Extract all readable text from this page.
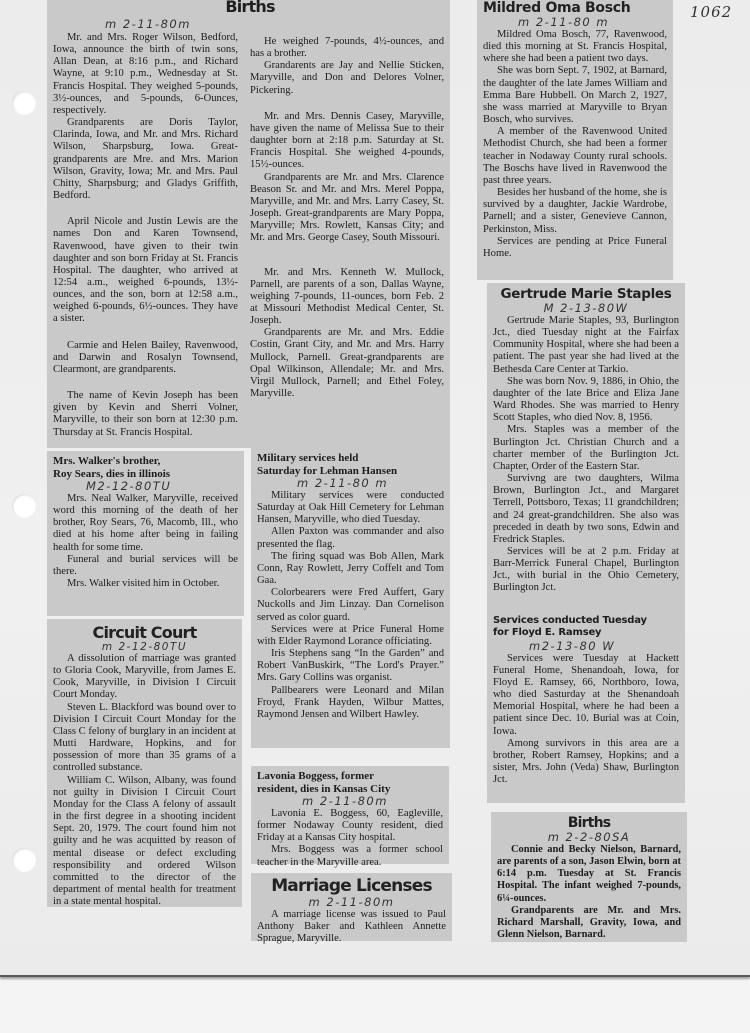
1062
m 2-11-80m

Mr. and Mrs. Roger Wilson, Bedford, Iowa, announce the birth of twin sons, Allan Dean, at 8:16 p.m., and Richard Wayne, at 9:10 p.m., Wednesday at St. Francis Hospital. They weighed 5-pounds, 3½-ounces, and 5-pounds, 6-Ounces, respectively.

Grandparents are Doris Taylor, Clarinda, Iowa, and Mr. and Mrs. Richard Wilson, Sharpsburg, Iowa. Great-grandparents are Mre. and Mrs. Marion Wilson, Gravity, Iowa; Mr. and Mrs. Paul Chitty, Sharpsburg; and Gladys Griffith, Bedford.

April Nicole and Justin Lewis are the names Don and Karen Townsend, Ravenwood, have given to their twin daughter and son born Friday at St. Francis Hospital. The daughter, who arrived at 12:54 a.m., weighed 6-pounds, 13½-ounces, and the son, born at 12:58 a.m., weighed 6-pounds, 6½-ounces. They have a sister.

Carmie and Helen Bailey, Ravenwood, and Darwin and Rosalyn Townsend, Clearmont, are grandparents.

The name of Kevin Joseph has been given by Kevin and Sherri Volner, Maryville, to their son born at 12:30 p.m. Thursday at St. Francis Hospital.

He weighed 7-pounds, 4½-ounces, and has a brother.

Grandarents are Jay and Nellie Sticken, Maryville, and Don and Delores Volner, Pickering.

Mr. and Mrs. Dennis Casey, Maryville, have given the name of Melissa Sue to their daughter born at 2:18 p.m. Saturday at St. Francis Hospital. She weighed 4-pounds, 15½-ounces.

Grandparents are Mr. and Mrs. Clarence Beason Sr. and Mr. and Mrs. Merel Poppa, Maryville, and Mr. and Mrs. Larry Casey, St. Joseph. Great-grandparents are Mary Poppa, Maryville; Mrs. Rowlett, Kansas City; and Mr. and Mrs. George Casey, South Missouri.

Mr. and Mrs. Kenneth W. Mullock, Parnell, are parents of a son, Dallas Wayne, weighing 7-pounds, 11-ounces, born Feb. 2 at Missouri Methodist Medical Center, St. Joseph.

Grandparents are Mr. and Mrs. Eddie Costin, Grant City, and Mr. and Mrs. Harry Mullock, Parnell. Great-grandparents are Opal Wilkinson, Allendale; Mr. and Mrs. Virgil Mullock, Parnell; and Ethel Foley, Maryville.

Births
Mrs. Walker's brother,
Roy Sears, dies in illinois
M2-12-80TU

Mrs. Neal Walker, Maryville, received word this morning of the death of her brother, Roy Sears, 76, Macomb, Ill., who died at his home after being in failing health for some time.

Funeral and burial services will be there.

Mrs. Walker visited him in October.

Circuit Court
m 2-12-80TU

A dissolution of marriage was granted to Gloria Cook, Maryville, from James E. Cook, Maryville, in Division I Circuit Court Monday.

Steven L. Blackford was bound over to Division I Circuit Court Monday for the Class C felony of burglary in an incident at Mutti Hardware, Hopkins, and for possession of more than 35 grams of a controlled substance.

William C. Wilson, Albany, was found not guilty in Division I Circuit Court Monday for the Class A felony of assault in the first degree in a shooting incident Sept. 20, 1979. The court found him not guilty and he was acquitted by reason of mental disease or defect excluding responsibility and ordered Wilson committed to the director of the department of mental health for treatment in a state mental hospital.

Military services held
Saturday for Lehman Hansen
m 2-11-80 m

Military services were conducted Saturday at Oak Hill Cemetery for Lehman Hansen, Maryville, who died Tuesday.

Allen Paxton was commander and also presented the flag.

The firing squad was Bob Allen, Mark Conn, Ray Rowlett, Jerry Coffelt and Tom Gaa.

Colorbearers were Fred Auffert, Gary Nuckolls and Jim Linzay. Dan Cornelison served as color guard.

Services were at Price Funeral Home with Elder Raymond Lorance officiating.

Iris Stephens sang “In the Garden” and Robert VanBuskirk, “The Lord's Prayer.” Mrs. Gary Collins was organist.

Pallbearers were Leonard and Milan Froyd, Frank Hayden, Wilbur Mattes, Raymond Jensen and Wilbert Hawley.

Lavonia Boggess, former
resident, dies in Kansas City
m 2-11-80m

Lavonia E. Boggess, 60, Eagleville, former Nodaway County resident, died Friday at a Kansas City hospital.

Mrs. Boggess was a former school teacher in the Maryville area.

Marriage Licenses
m 2-11-80m

A marriage license was issued to Paul Anthony Baker and Kathleen Annette Sprague, Maryville.

Mildred Oma Bosch
m 2-11-80 m

Mildred Oma Bosch, 77, Ravenwood, died this morning at St. Francis Hospital, where she had been a patient two days.

She was born Sept. 7, 1902, at Barnard, the daughter of the late James William and Emma Bare Hubbell. On March 2, 1927, she wass married at Maryville to Bryan Bosch, who survives.

A member of the Ravenwood United Methodist Church, she had been a former teacher in Nodaway County rural schools. The Boschs have lived in Ravenwood the past three years.

Besides her husband of the home, she is survived by a daughter, Jackie Wardrobe, Parnell; and a sister, Genevieve Cannon, Perkinston, Miss.

Services are pending at Price Funeral Home.

Gertrude Marie Staples
M 2-13-80W

Gertrude Marie Staples, 93, Burlington Jct., died Tuesday night at the Fairfax Community Hospital, where she had been a patient. The past year she had lived at the Bethesda Care Center at Tarkio.

She was born Nov. 9, 1886, in Ohio, the daughter of the late Brice and Eliza Jane Ward Rhodes. She was married to Henry Scott Staples, who died Nov. 8, 1956.

Mrs. Staples was a member of the Burlington Jct. Christian Church and a charter member of the Burlington Jct. Chapter, Order of the Eastern Star.

Survivng are two daughters, Wilma Brown, Burlington Jct., and Margaret Terrell, Pottsboro, Texas; 11 grandchildren; and 24 great-grandchildren. She also was preceded in death by two sons, Edwin and Fredrick Staples.

Services will be at 2 p.m. Friday at Barr-Merrick Funeral Chapel, Burlington Jct., with burial in the Ohio Cemetery, Burlington Jct.

Services conducted Tuesday
for Floyd E. Ramsey
m2-13-80 W

Services were Tuesday at Hackett Funeral Home, Shenandoah, Iowa, for Floyd E. Ramsey, 66, Northboro, Iowa, who died Sasturday at the Shenandoah Memorial Hospital, where he had been a patient since Dec. 10. Burial was at Coin, Iowa.

Among survivors in this area are a brother, Robert Ramsey, Hopkins; and a sister, Mrs. John (Veda) Shaw, Burlington Jct.

Births
m 2-2-80SA

Connie and Becky Nielson, Barnard, are parents of a son, Jason Elwin, born at 6:14 p.m. Tuesday at St. Francis Hospital. The infant weighed 7-pounds, 6¼-ounces.

Grandparents are Mr. and Mrs. Richard Marshall, Gravity, Iowa, and Glenn Nielson, Barnard.
